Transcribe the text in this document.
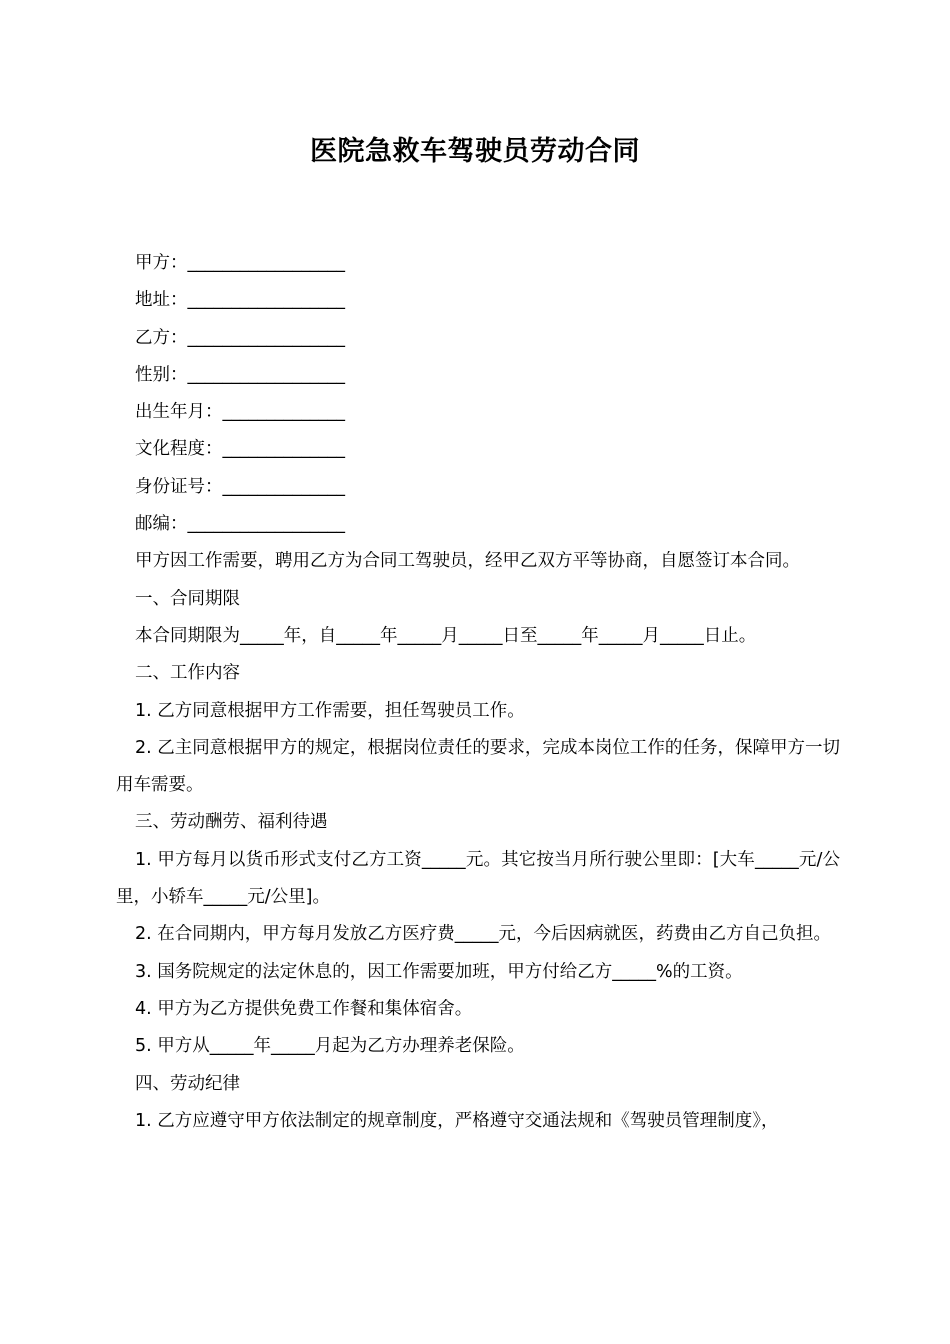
医院急救车驾驶员劳动合同
甲方：__________________
地址：__________________
乙方：__________________
性别：__________________
出生年月：______________
文化程度：______________
身份证号：______________
邮编：__________________
甲方因工作需要，聘用乙方为合同工驾驶员，经甲乙双方平等协商，自愿签订本合同。
一、合同期限
本合同期限为_____年，自_____年_____月_____日至_____年_____月_____日止。
二、工作内容
1. 乙方同意根据甲方工作需要，担任驾驶员工作。
2. 乙主同意根据甲方的规定，根据岗位责任的要求，完成本岗位工作的任务，保障甲方一切用车需要。
三、劳动酬劳、福利待遇
1. 甲方每月以货币形式支付乙方工资_____元。其它按当月所行驶公里即：[大车_____元/公里，小轿车_____元/公里]。
2. 在合同期内，甲方每月发放乙方医疗费_____元，今后因病就医，药费由乙方自己负担。
3. 国务院规定的法定休息的，因工作需要加班，甲方付给乙方_____%的工资。
4. 甲方为乙方提供免费工作餐和集体宿舍。
5. 甲方从_____年_____月起为乙方办理养老保险。
四、劳动纪律
1. 乙方应遵守甲方依法制定的规章制度，严格遵守交通法规和《驾驶员管理制度》，
